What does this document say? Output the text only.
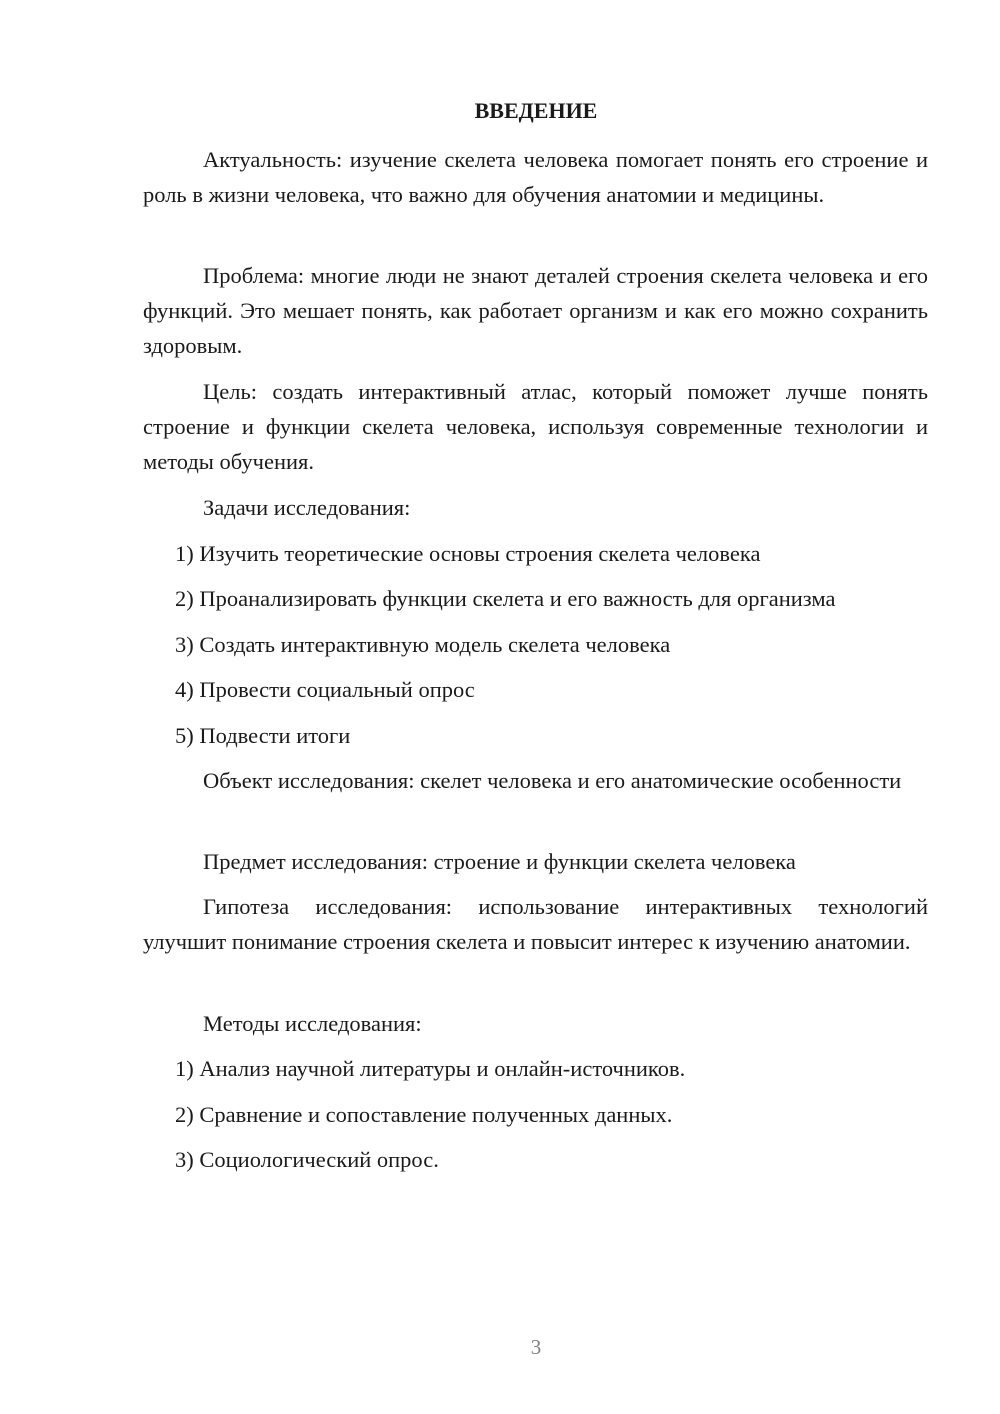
ВВЕДЕНИЕ

Актуальность: изучение скелета человека помогает понять его строение и роль в жизни человека, что важно для обучения анатомии и медицины.

Проблема: многие люди не знают деталей строения скелета человека и его функций. Это мешает понять, как работает организм и как его можно сохранить здоровым.

Цель: создать интерактивный атлас, который поможет лучше понять строение и функции скелета человека, используя современные технологии и методы обучения.

Задачи исследования:

1) Изучить теоретические основы строения скелета человека

2) Проанализировать функции скелета и его важность для организма

3) Создать интерактивную модель скелета человека

4) Провести социальный опрос

5) Подвести итоги

Объект исследования: скелет человека и его анатомические особенности

Предмет исследования: строение и функции скелета человека

Гипотеза исследования: использование интерактивных технологий улучшит понимание строения скелета и повысит интерес к изучению анатомии.

Методы исследования:

1) Анализ научной литературы и онлайн-источников.

2) Сравнение и сопоставление полученных данных.

3) Социологический опрос.

3
